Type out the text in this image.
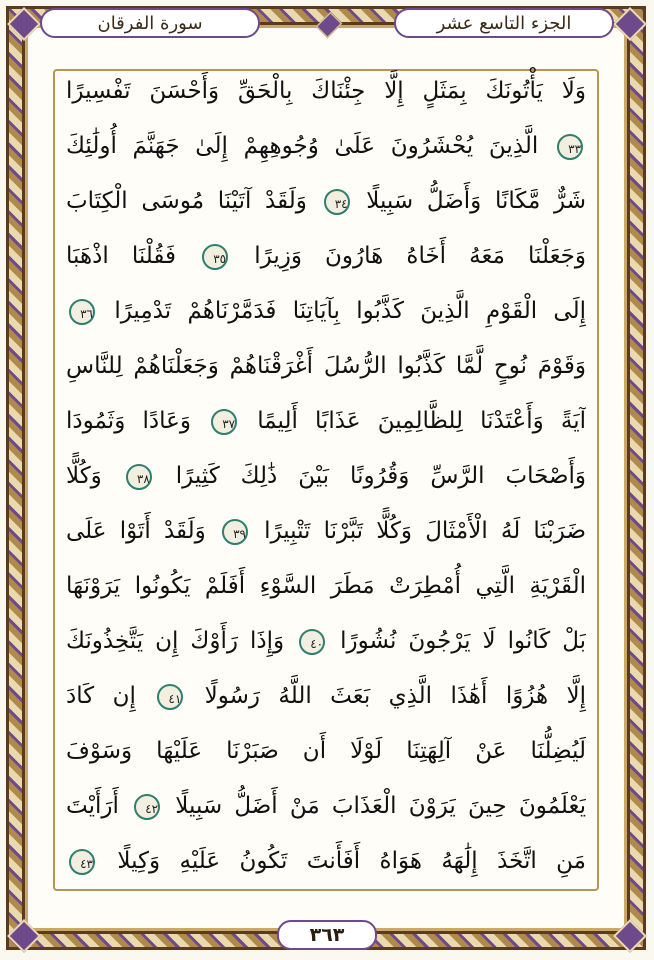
الجزء التاسع عشر
سورة الفرقان
وَلَا يَأْتُونَكَ بِمَثَلٍ إِلَّا جِئْنَاكَ بِالْحَقِّ وَأَحْسَنَ تَفْسِيرًا
٣٣ الَّذِينَ يُحْشَرُونَ عَلَىٰ وُجُوهِهِمْ إِلَىٰ جَهَنَّمَ أُولَٰئِكَ
شَرٌّ مَّكَانًا وَأَضَلُّ سَبِيلًا ٣٤ وَلَقَدْ آتَيْنَا مُوسَى الْكِتَابَ
وَجَعَلْنَا مَعَهُ أَخَاهُ هَارُونَ وَزِيرًا ٣٥ فَقُلْنَا اذْهَبَا
إِلَى الْقَوْمِ الَّذِينَ كَذَّبُوا بِآيَاتِنَا فَدَمَّرْنَاهُمْ تَدْمِيرًا ٣٦
وَقَوْمَ نُوحٍ لَّمَّا كَذَّبُوا الرُّسُلَ أَغْرَقْنَاهُمْ وَجَعَلْنَاهُمْ لِلنَّاسِ
آيَةً وَأَعْتَدْنَا لِلظَّالِمِينَ عَذَابًا أَلِيمًا ٣٧ وَعَادًا وَثَمُودَا
وَأَصْحَابَ الرَّسِّ وَقُرُونًا بَيْنَ ذَٰلِكَ كَثِيرًا ٣٨ وَكُلًّا
ضَرَبْنَا لَهُ الْأَمْثَالَ وَكُلًّا تَبَّرْنَا تَتْبِيرًا ٣٩ وَلَقَدْ أَتَوْا عَلَى
الْقَرْيَةِ الَّتِي أُمْطِرَتْ مَطَرَ السَّوْءِ أَفَلَمْ يَكُونُوا يَرَوْنَهَا
بَلْ كَانُوا لَا يَرْجُونَ نُشُورًا ٤٠ وَإِذَا رَأَوْكَ إِن يَتَّخِذُونَكَ
إِلَّا هُزُوًا أَهَٰذَا الَّذِي بَعَثَ اللَّهُ رَسُولًا ٤١ إِن كَادَ
لَيُضِلُّنَا عَنْ آلِهَتِنَا لَوْلَا أَن صَبَرْنَا عَلَيْهَا وَسَوْفَ
يَعْلَمُونَ حِينَ يَرَوْنَ الْعَذَابَ مَنْ أَضَلُّ سَبِيلًا ٤٢ أَرَأَيْتَ
مَنِ اتَّخَذَ إِلَٰهَهُ هَوَاهُ أَفَأَنتَ تَكُونُ عَلَيْهِ وَكِيلًا ٤٣
٣٦٣
